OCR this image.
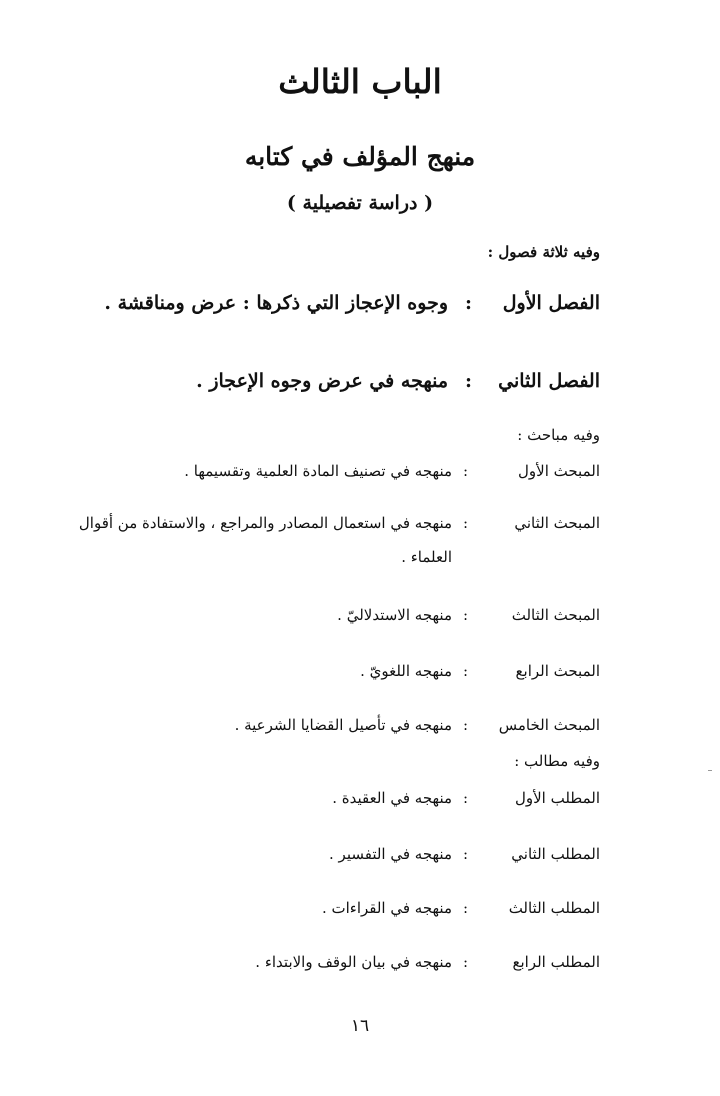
الباب الثالث
منهج المؤلف في كتابه
( دراسة تفصيلية )
وفيه ثلاثة فصول :
الفصل الأول
:
وجوه الإعجاز التي ذكرها : عرض ومناقشة .
الفصل الثاني
:
منهجه في عرض وجوه الإعجاز .
وفيه مباحث :
المبحث الأول
:
منهجه في تصنيف المادة العلمية وتقسيمها .
المبحث الثاني
:
منهجه في استعمال المصادر والمراجع ، والاستفادة من أقوال العلماء .
المبحث الثالث
:
منهجه الاستدلاليّ .
المبحث الرابع
:
منهجه اللغويّ .
المبحث الخامس
:
منهجه في تأصيل القضايا الشرعية .
وفيه مطالب :
المطلب الأول
:
منهجه في العقيدة .
المطلب الثاني
:
منهجه في التفسير .
المطلب الثالث
:
منهجه في القراءات .
المطلب الرابع
:
منهجه في بيان الوقف والابتداء .
١٦
